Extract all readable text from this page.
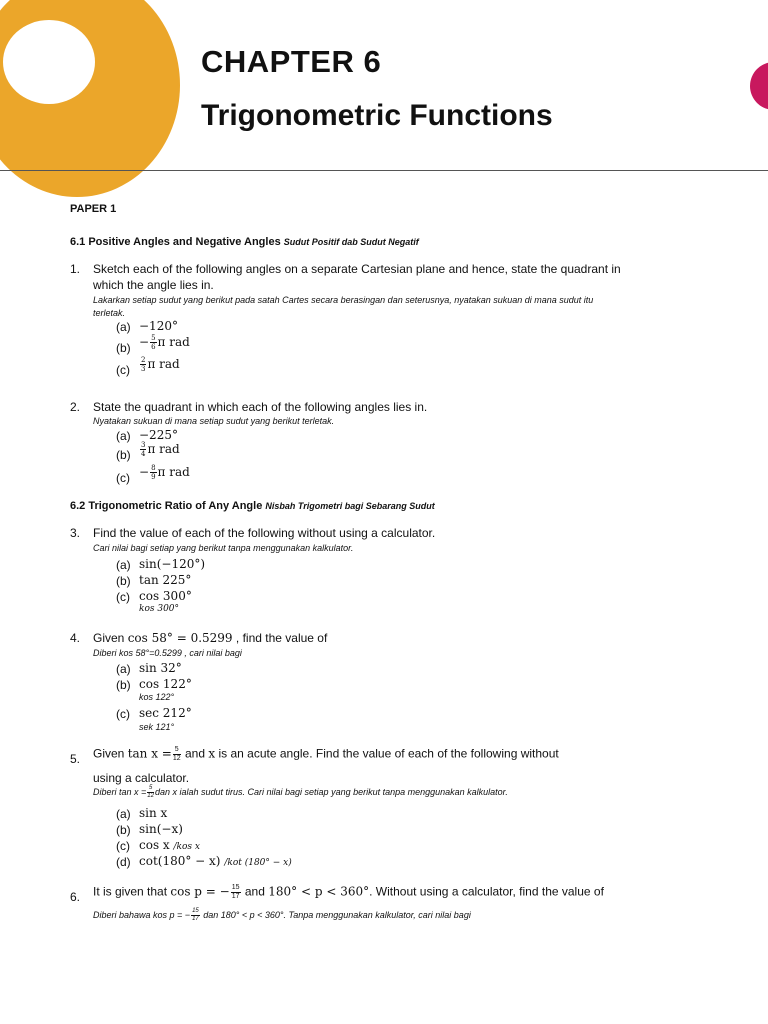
CHAPTER 6
Trigonometric Functions
PAPER 1
6.1 Positive Angles and Negative Angles Sudut Positif dab Sudut Negatif
1. Sketch each of the following angles on a separate Cartesian plane and hence, state the quadrant in
which the angle lies in.
Lakarkan setiap sudut yang berikut pada satah Cartes secara berasingan dan seterusnya, nyatakan sukuan di mana sudut itu
terletak.
(a) −120°
$(b) - \frac{5}{6}$ π rad
$(c) \frac{2}{3}$ π rad
2. State the quadrant in which each of the following angles lies in.
Nyatakan sukuan di mana setiap sudut yang berikut terletak.
(a) −225°
$(b) \frac{3}{4}$ π rad
$(c) - \frac{8}{9}$ π rad
6.2 Trigonometric Ratio of Any Angle Nisbah Trigometri bagi Sebarang Sudut
3. Find the value of each of the following without using a calculator.
Cari nilai bagi setiap yang berikut tanpa menggunakan kalkulator.
(a) sin(−120°)
(b) tan 225°
(c) cos 300°
kos 300°
4. Given cos 58° = 0.5299 , find the value of
Diberi kos 58°=0.5299 , cari nilai bagi
(a) sin 32°
(b) cos 122°
kos 122°
(c) sec 212°
sek 121°
5. Given $\tan x = \frac{5}{12}$ and x is an acute angle. Find the value of each of the following without
using a calculator.
Diberi $\tan x = \frac{5}{12}$ dan x ialah sudut tirus. Cari nilai bagi setiap yang berikut tanpa menggunakan kalkulator.
(a) sin x
(b) sin(−x)
(c) cos x /kos x
(d) cot(180° − x) /kot (180° − x)
6. It is given that cos p = − $\frac{15}{17}$ and 180° < p < 360°. Without using a calculator, find the value of
Diberi bahawa kos p = − $\frac{15}{17}$ dan 180° < p < 360°. Tanpa menggunakan kalkulator, cari nilai bagi
